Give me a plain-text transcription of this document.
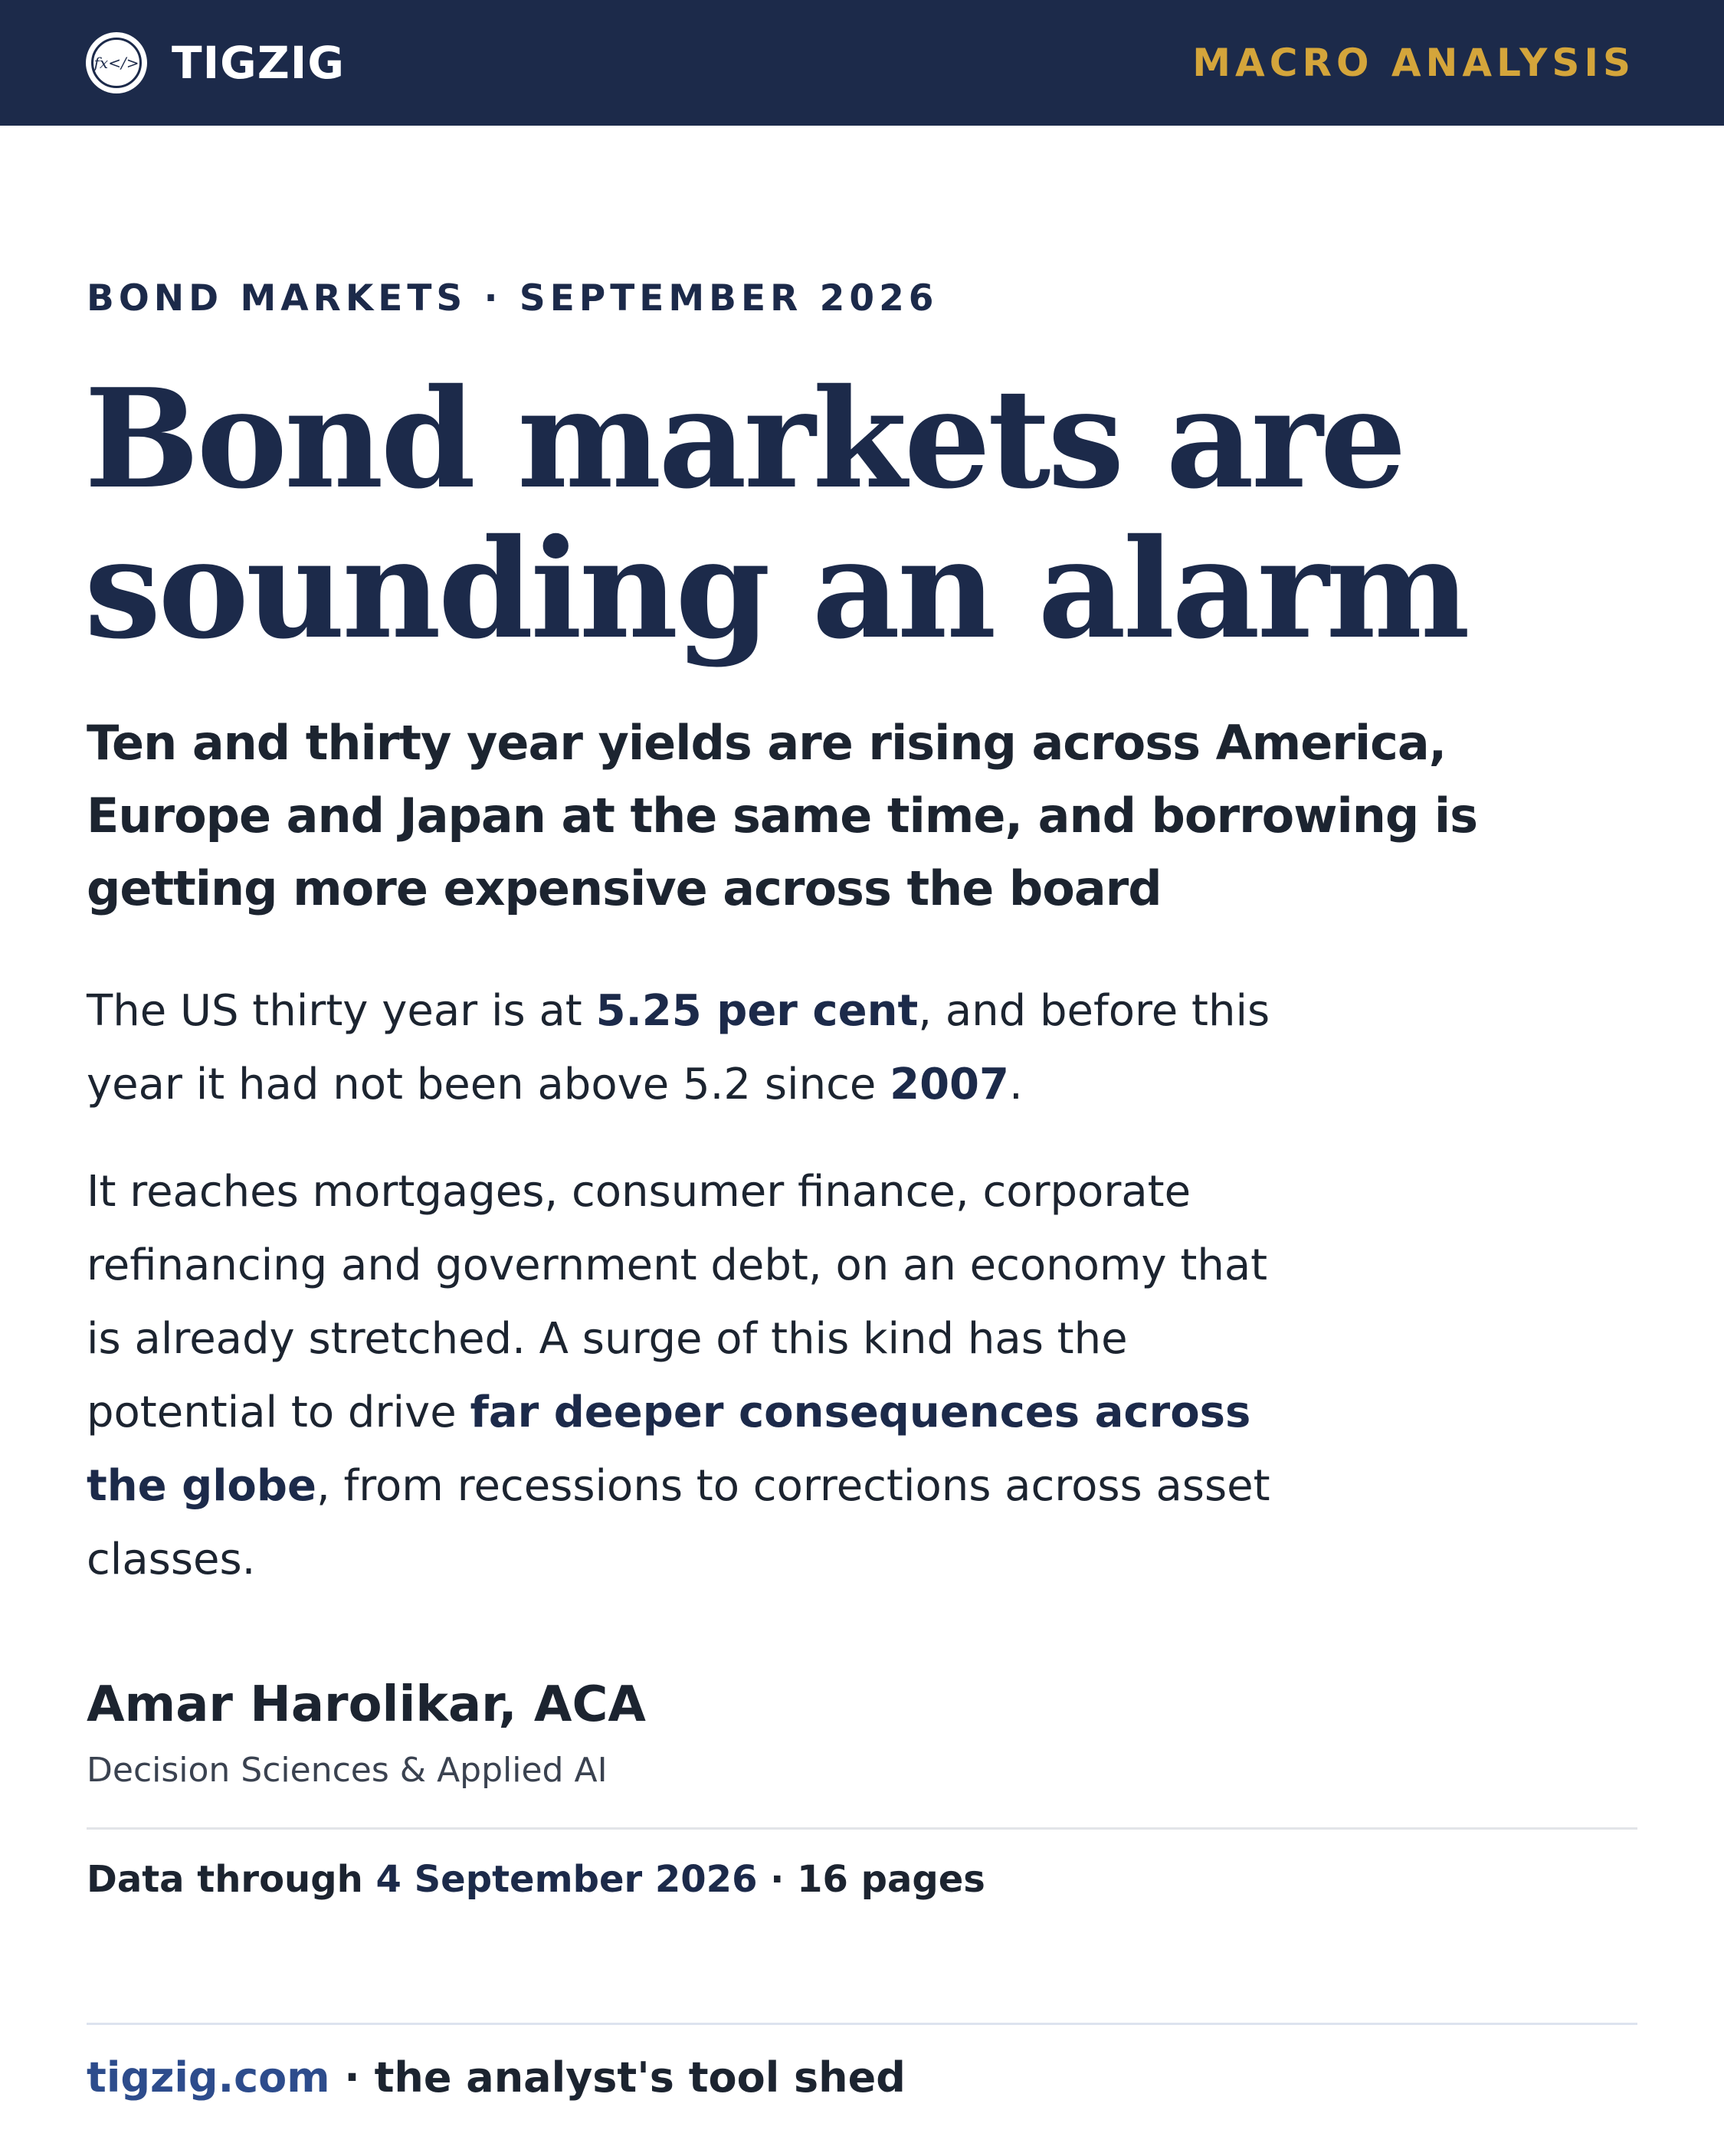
fx</> TIGZIG	MACRO ANALYSIS
BOND MARKETS · SEPTEMBER 2026
Bond markets are
sounding an alarm

Ten and thirty year yields are rising across America, Europe and Japan at the same time, and borrowing is getting more expensive across the board

The US thirty year is at 5.25 per cent, and before this year it had not been above 5.2 since 2007.

It reaches mortgages, consumer finance, corporate refinancing and government debt, on an economy that is already stretched. A surge of this kind has the potential to drive far deeper consequences across the globe, from recessions to corrections across asset classes.

Amar Harolikar, ACA
Decision Sciences & Applied AI
Data through 4 September 2026 · 16 pages
tigzig.com · the analyst's tool shed
